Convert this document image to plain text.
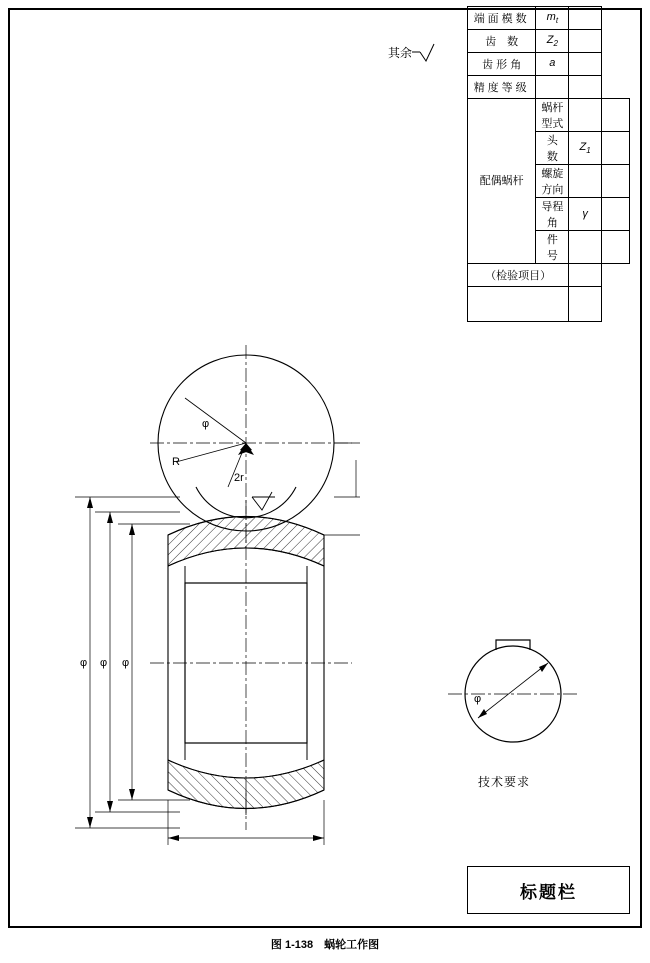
φ
R
2r
φ φ φ
φ
端面模数	$m_t$	
齿　数	$Z_2$	
齿 形 角	a		
精度等级			
配偶蜗杆	蜗杆型式		
	头　数	$Z_1$	
	螺旋方向		
	导程角	γ	
	件　号		
（检验项目）			

其余
技术要求
标题栏
图 1-138　蜗轮工作图
